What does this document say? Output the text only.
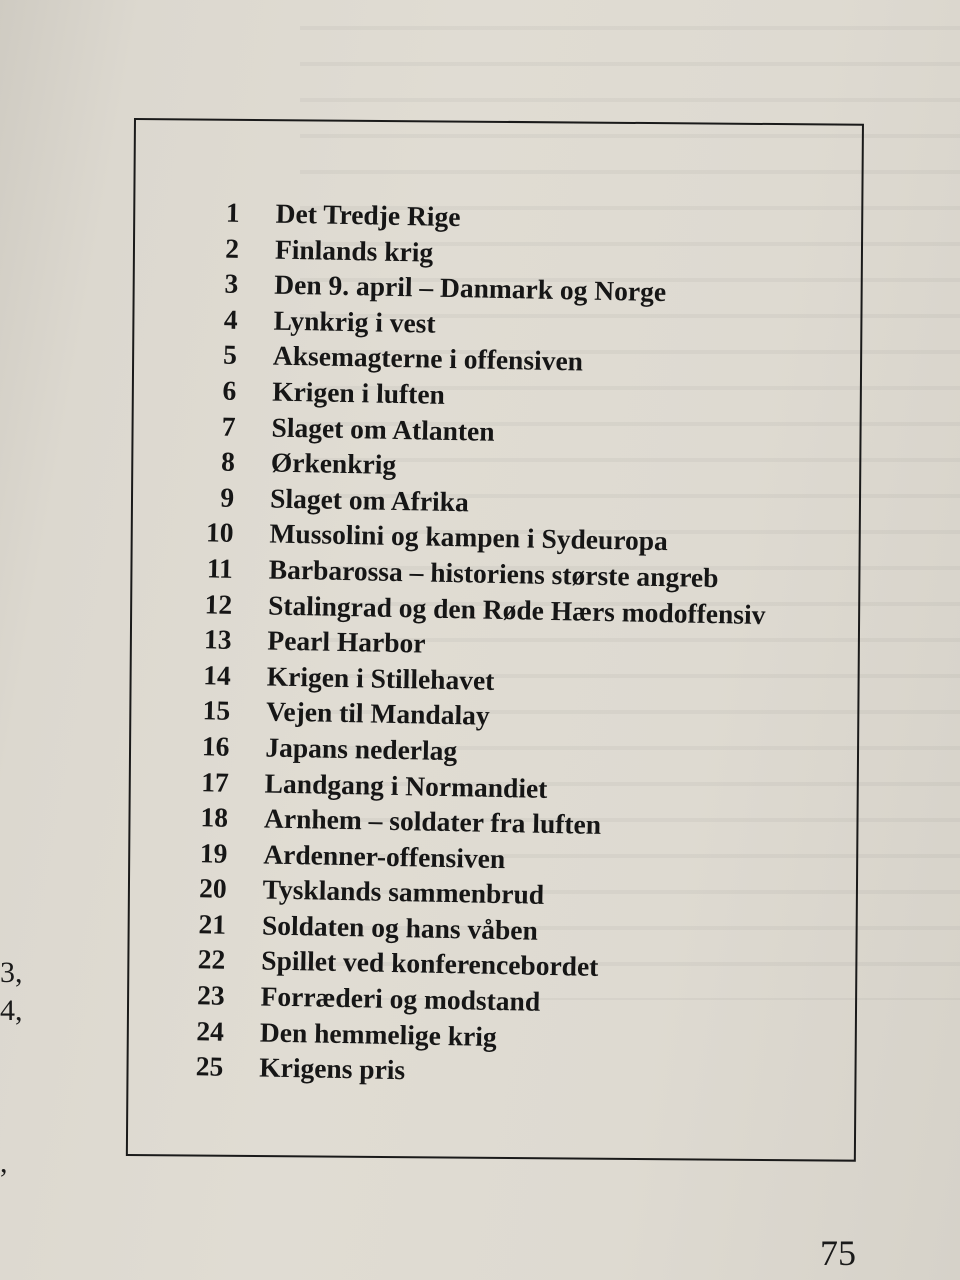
3,
4,
,
1 Det Tredje Rige
2 Finlands krig
3 Den 9. april – Danmark og Norge
4 Lynkrig i vest
5 Aksemagterne i offensiven
6 Krigen i luften
7 Slaget om Atlanten
8 Ørkenkrig
9 Slaget om Afrika
10 Mussolini og kampen i Sydeuropa
11 Barbarossa – historiens største angreb
12 Stalingrad og den Røde Hærs modoffensiv
13 Pearl Harbor
14 Krigen i Stillehavet
15 Vejen til Mandalay
16 Japans nederlag
17 Landgang i Normandiet
18 Arnhem – soldater fra luften
19 Ardenner-offensiven
20 Tysklands sammenbrud
21 Soldaten og hans våben
22 Spillet ved konferencebordet
23 Forræderi og modstand
24 Den hemmelige krig
25 Krigens pris
75
